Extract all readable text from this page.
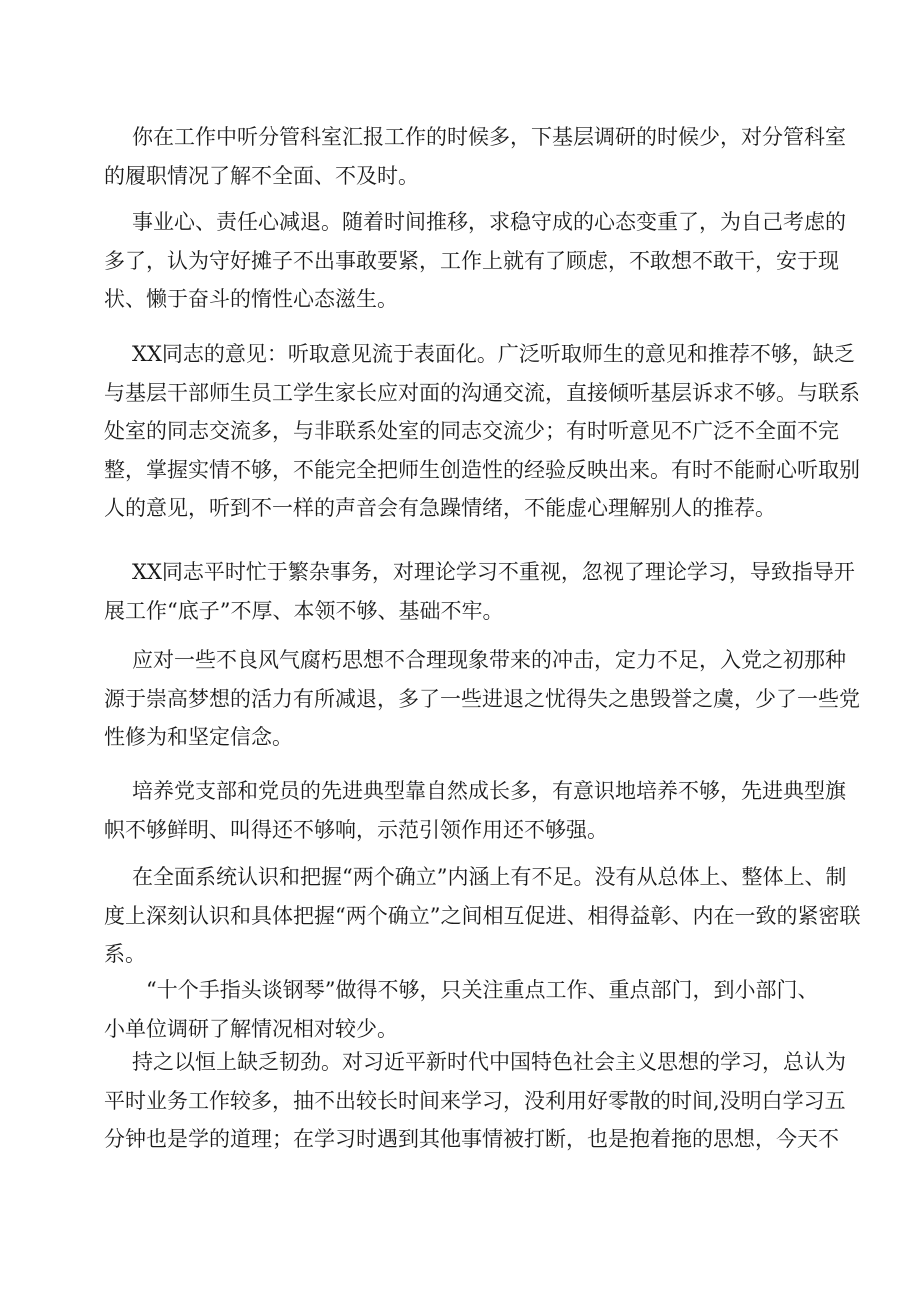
你在工作中听分管科室汇报工作的时候多，下基层调研的时候少，对分管科室的履职情况了解不全面、不及时。

事业心、责任心减退。随着时间推移，求稳守成的心态变重了，为自己考虑的多了，认为守好摊子不出事敢要紧，工作上就有了顾虑，不敢想不敢干，安于现状、懒于奋斗的惰性心态滋生。

XX同志的意见：听取意见流于表面化。广泛听取师生的意见和推荐不够，缺乏与基层干部师生员工学生家长应对面的沟通交流，直接倾听基层诉求不够。与联系处室的同志交流多，与非联系处室的同志交流少；有时听意见不广泛不全面不完整，掌握实情不够，不能完全把师生创造性的经验反映出来。有时不能耐心听取别人的意见，听到不一样的声音会有急躁情绪，不能虚心理解别人的推荐。

XX同志平时忙于繁杂事务，对理论学习不重视，忽视了理论学习，导致指导开展工作“底子”不厚、本领不够、基础不牢。

应对一些不良风气腐朽思想不合理现象带来的冲击，定力不足，入党之初那种源于崇高梦想的活力有所减退，多了一些进退之忧得失之患毁誉之虞，少了一些党性修为和坚定信念。

培养党支部和党员的先进典型靠自然成长多，有意识地培养不够，先进典型旗帜不够鲜明、叫得还不够响，示范引领作用还不够强。

在全面系统认识和把握“两个确立”内涵上有不足。没有从总体上、整体上、制度上深刻认识和具体把握“两个确立”之间相互促进、相得益彰、内在一致的紧密联系。

“十个手指头谈钢琴”做得不够，只关注重点工作、重点部门，到小部门、小单位调研了解情况相对较少。

持之以恒上缺乏韧劲。对习近平新时代中国特色社会主义思想的学习，总认为平时业务工作较多，抽不出较长时间来学习，没利用好零散的时间,没明白学习五分钟也是学的道理；在学习时遇到其他事情被打断，也是抱着拖的思想，今天不
